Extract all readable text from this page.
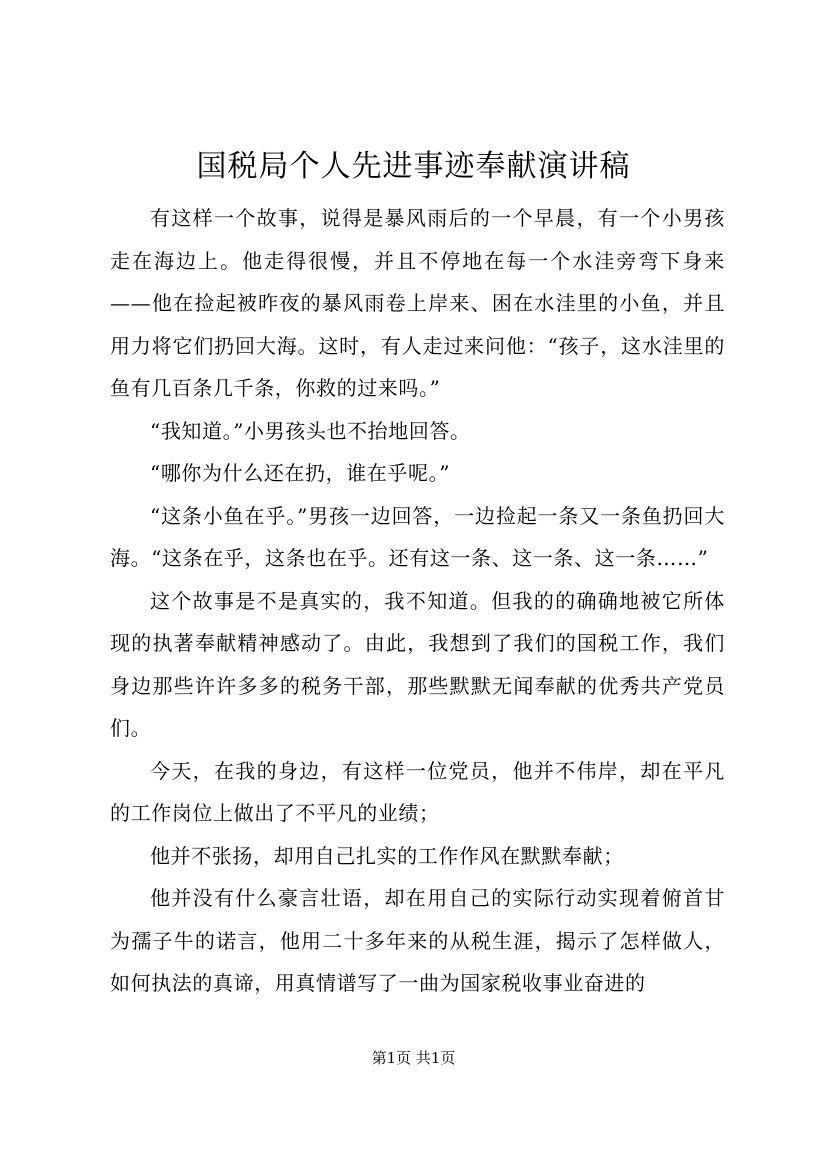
国税局个人先进事迹奉献演讲稿

有这样一个故事，说得是暴风雨后的一个早晨，有一个小男孩走在海边上。他走得很慢，并且不停地在每一个水洼旁弯下身来——他在捡起被昨夜的暴风雨卷上岸来、困在水洼里的小鱼，并且用力将它们扔回大海。这时，有人走过来问他：“孩子，这水洼里的鱼有几百条几千条，你救的过来吗。”

“我知道。”小男孩头也不抬地回答。

“哪你为什么还在扔，谁在乎呢。”

“这条小鱼在乎。”男孩一边回答，一边捡起一条又一条鱼扔回大海。“这条在乎，这条也在乎。还有这一条、这一条、这一条……”

这个故事是不是真实的，我不知道。但我的的确确地被它所体现的执著奉献精神感动了。由此，我想到了我们的国税工作，我们身边那些许许多多的税务干部，那些默默无闻奉献的优秀共产党员们。

今天，在我的身边，有这样一位党员，他并不伟岸，却在平凡的工作岗位上做出了不平凡的业绩；

他并不张扬，却用自己扎实的工作作风在默默奉献；

他并没有什么豪言壮语，却在用自己的实际行动实现着俯首甘为孺子牛的诺言，他用二十多年来的从税生涯，揭示了怎样做人，如何执法的真谛，用真情谱写了一曲为国家税收事业奋进的

第1页 共1页
